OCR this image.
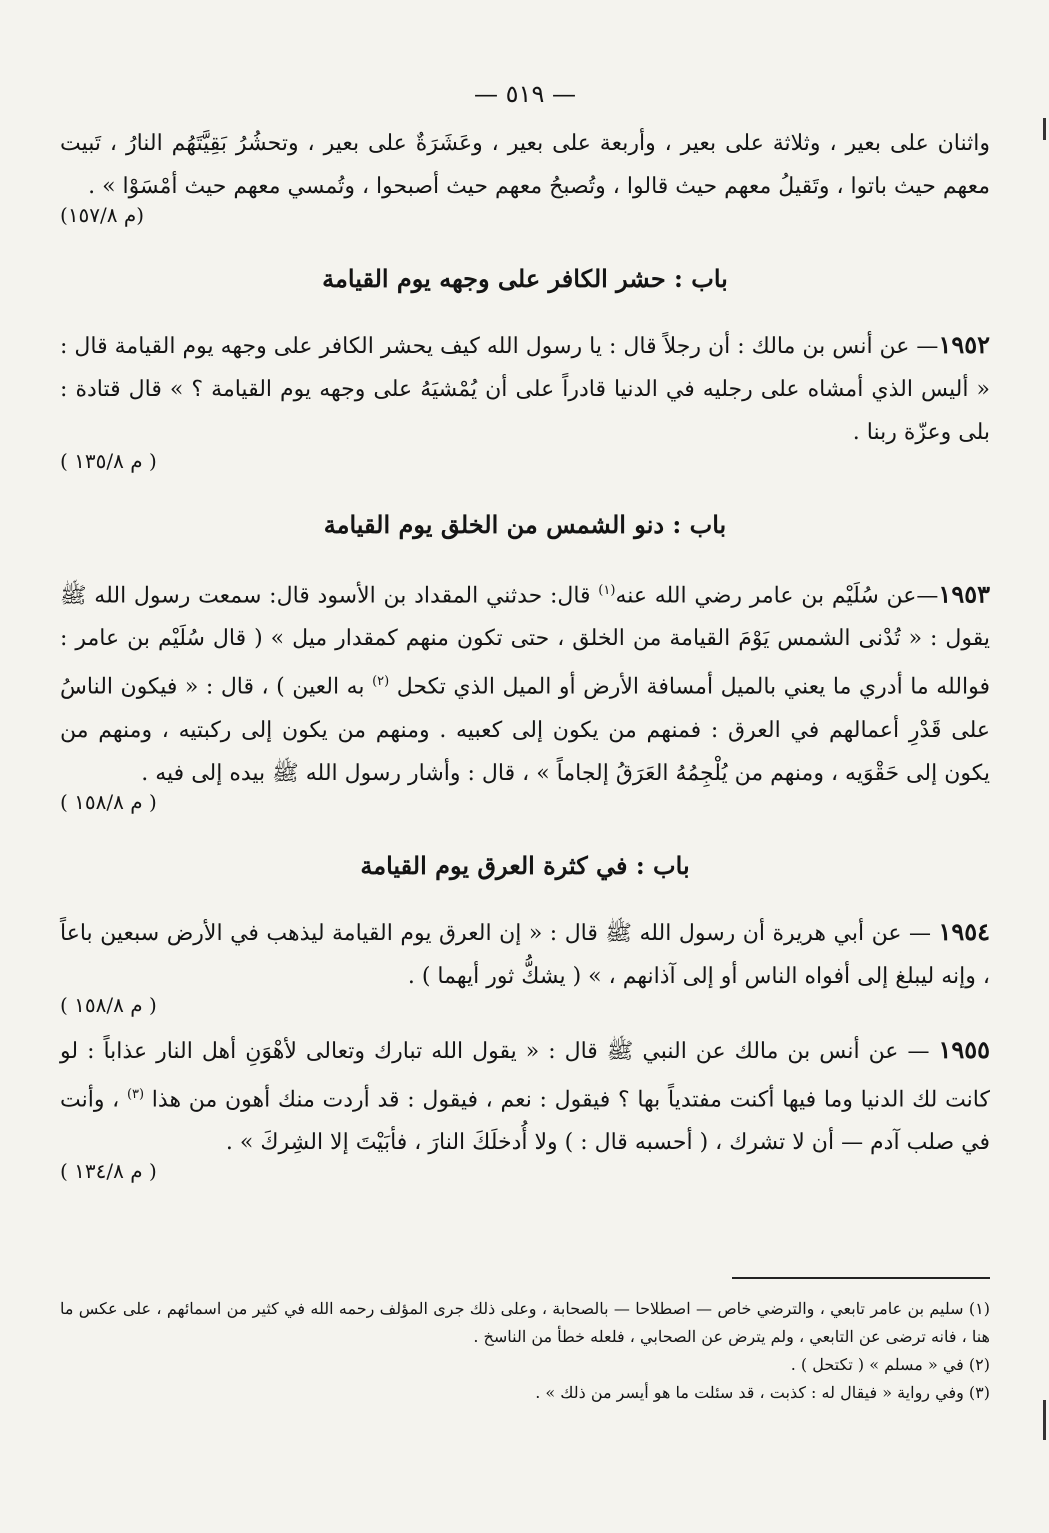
— ٥١٩ —

واثنان على بعير ، وثلاثة على بعير ، وأربعة على بعير ، وعَشَرَةٌ على بعير ، وتحشُرُ بَقِيَّتَهُم النارُ ، تَبيت معهم حيث باتوا ، وتَقيلُ معهم حيث قالوا ، وتُصبحُ معهم حيث أصبحوا ، وتُمسي معهم حيث أمْسَوْا » .

(م ١٥٧/٨)
باب : حشر الكافر على وجهه يوم القيامة

١٩٥٢— عن أنس بن مالك : أن رجلاً قال : يا رسول الله كيف يحشر الكافر على وجهه يوم القيامة قال : « أليس الذي أمشاه على رجليه في الدنيا قادراً على أن يُمْشيَهُ على وجهه يوم القيامة ؟ » قال قتادة : بلى وعزّة ربنا .

( م ١٣٥/٨ )
باب : دنو الشمس من الخلق يوم القيامة

١٩٥٣—عن سُلَيْم بن عامر رضي الله عنه$^{(١)}$ قال: حدثني المقداد بن الأسود قال: سمعت رسول الله ﷺ يقول : « تُدْنى الشمس يَوْمَ القيامة من الخلق ، حتى تكون منهم كمقدار ميل » ( قال سُلَيْم بن عامر : فوالله ما أدري ما يعني بالميل أمسافة الأرض أو الميل الذي تكحل $^{(٢)}$ به العين ) ، قال : « فيكون الناسُ على قَدْرِ أعمالهم في العرق : فمنهم من يكون إلى كعبيه . ومنهم من يكون إلى ركبتيه ، ومنهم من يكون إلى حَقْوَيه ، ومنهم من يُلْجِمُهُ العَرَقُ إلجاماً » ، قال : وأشار رسول الله ﷺ بيده إلى فيه .

( م ١٥٨/٨ )
باب : في كثرة العرق يوم القيامة

١٩٥٤ — عن أبي هريرة أن رسول الله ﷺ قال : « إن العرق يوم القيامة ليذهب في الأرض سبعين باعاً ، وإنه ليبلغ إلى أفواه الناس أو إلى آذانهم ، » ( يشكُّ ثور أيهما ) .

( م ١٥٨/٨ )

١٩٥٥ — عن أنس بن مالك عن النبي ﷺ قال : « يقول الله تبارك وتعالى لأهْوَنِ أهل النار عذاباً : لو كانت لك الدنيا وما فيها أكنت مفتدياً بها ؟ فيقول : نعم ، فيقول : قد أردت منك أهون من هذا $^{(٣)}$ ، وأنت في صلب آدم — أن لا تشرك ، ( أحسبه قال : ) ولا أُدخلَكَ النارَ ، فأبَيْتَ إلا الشِركَ » .

( م ١٣٤/٨ )

(١) سليم بن عامر تابعي ، والترضي خاص — اصطلاحا — بالصحابة ، وعلى ذلك جرى المؤلف رحمه الله في كثير من اسمائهم ، على عكس ما هنا ، فانه ترضى عن التابعي ، ولم يترض عن الصحابي ، فلعله خطأ من الناسخ .

(٢) في « مسلم » ( تكتحل ) .

(٣) وفي رواية « فيقال له : كذبت ، قد سئلت ما هو أيسر من ذلك » .
